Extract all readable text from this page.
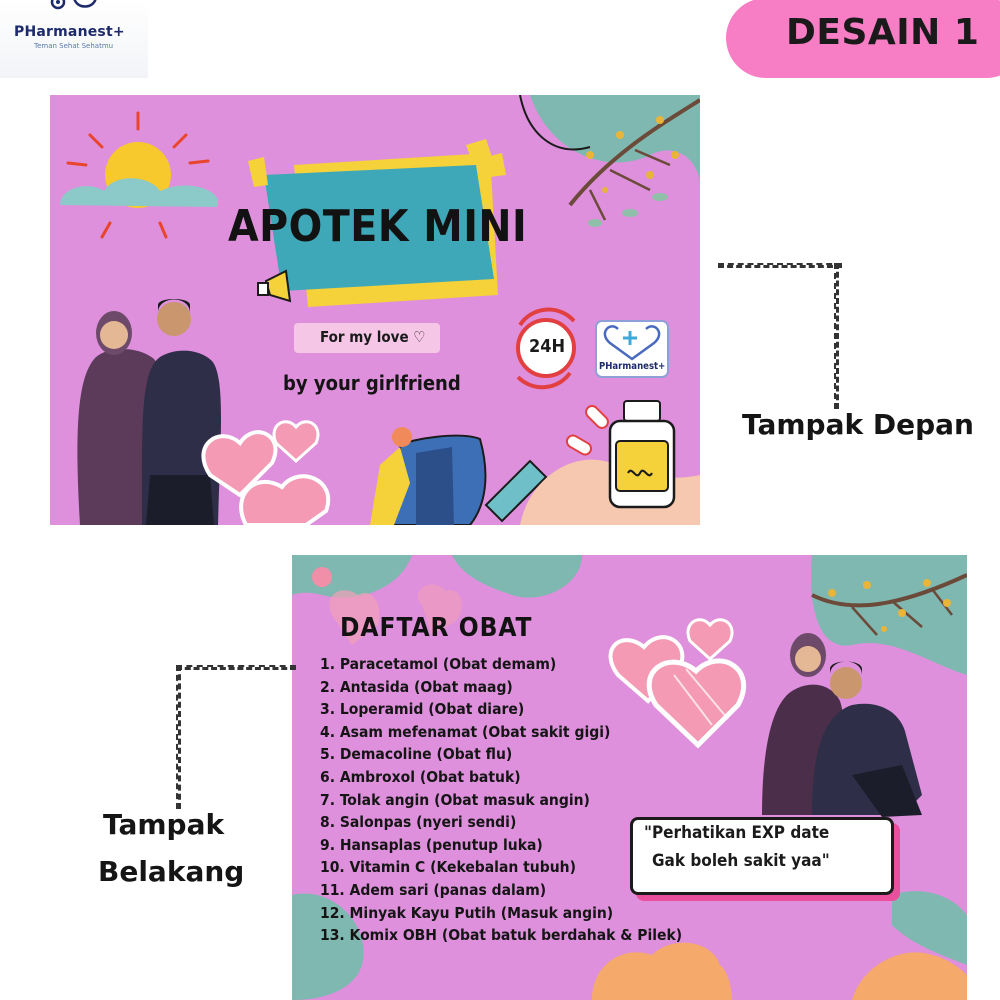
PHarmanest+
Teman Sehat Sehatmu	DESAIN 1
APOTEK MINI
For my love ♡
by your girlfriend
24H
PHarmanest+
Tampak Depan
DAFTAR OBAT
1. Paracetamol (Obat demam)
2. Antasida (Obat maag)
3. Loperamid (Obat diare)
4. Asam mefenamat (Obat sakit gigi)
5. Demacoline (Obat flu)
6. Ambroxol (Obat batuk)
7. Tolak angin (Obat masuk angin)
8. Salonpas (nyeri sendi)
9. Hansaplas (penutup luka)
10. Vitamin C (Kekebalan tubuh)
11. Adem sari (panas dalam)
12. Minyak Kayu Putih (Masuk angin)
13. Komix OBH (Obat batuk berdahak & Pilek)
"Perhatikan EXP date
Gak boleh sakit yaa"
Tampak
Belakang
